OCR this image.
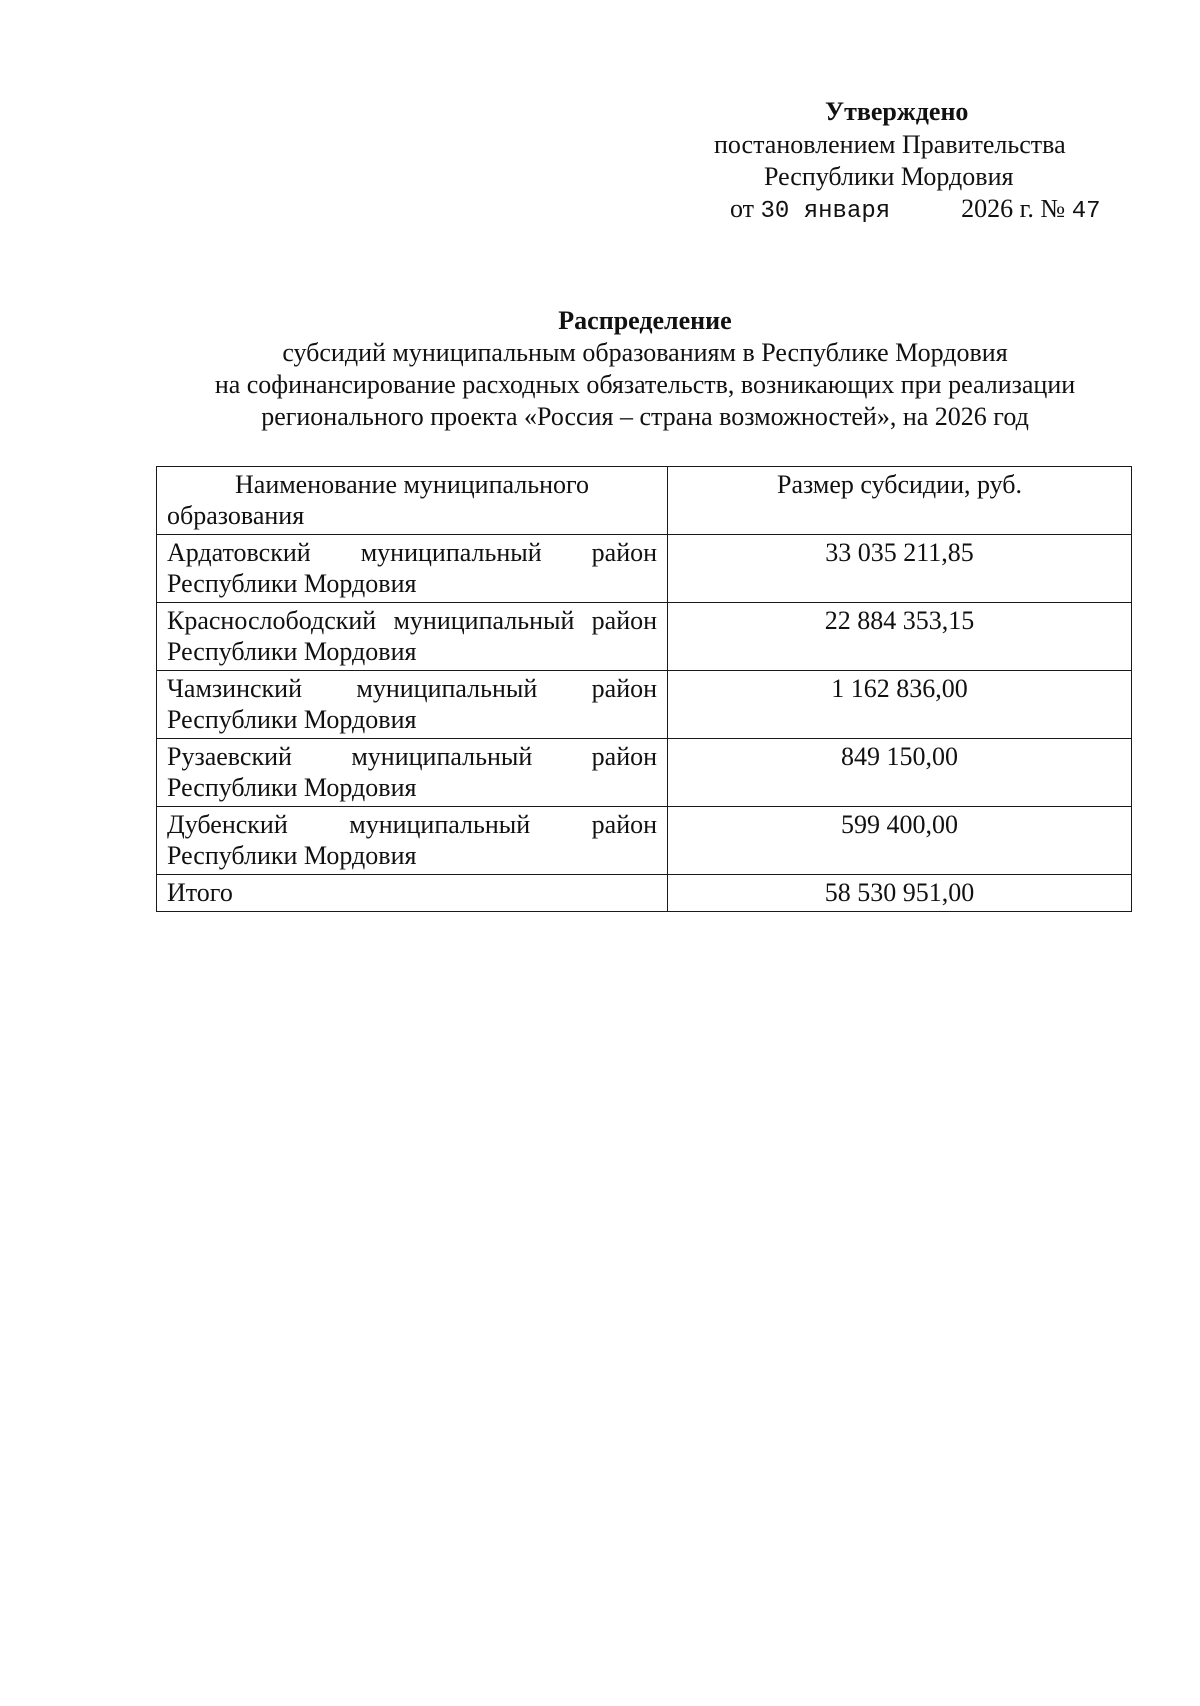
Утверждено
постановлением Правительства
Республики Мордовия
от 30 января	2026 г. № 47
Распределение
субсидий муниципальным образованиям в Республике Мордовия
на софинансирование расходных обязательств, возникающих при реализации
регионального проекта «Россия – страна возможностей», на 2026 год
Наименование муниципального образования	Размер субсидии, руб.
Ардатовский муниципальный район Республики Мордовия	33 035 211,85
Краснослободский муниципальный район Республики Мордовия	22 884 353,15
Чамзинский муниципальный район Республики Мордовия	1 162 836,00
Рузаевский муниципальный район Республики Мордовия	849 150,00
Дубенский муниципальный район Республики Мордовия	599 400,00
Итого	58 530 951,00
